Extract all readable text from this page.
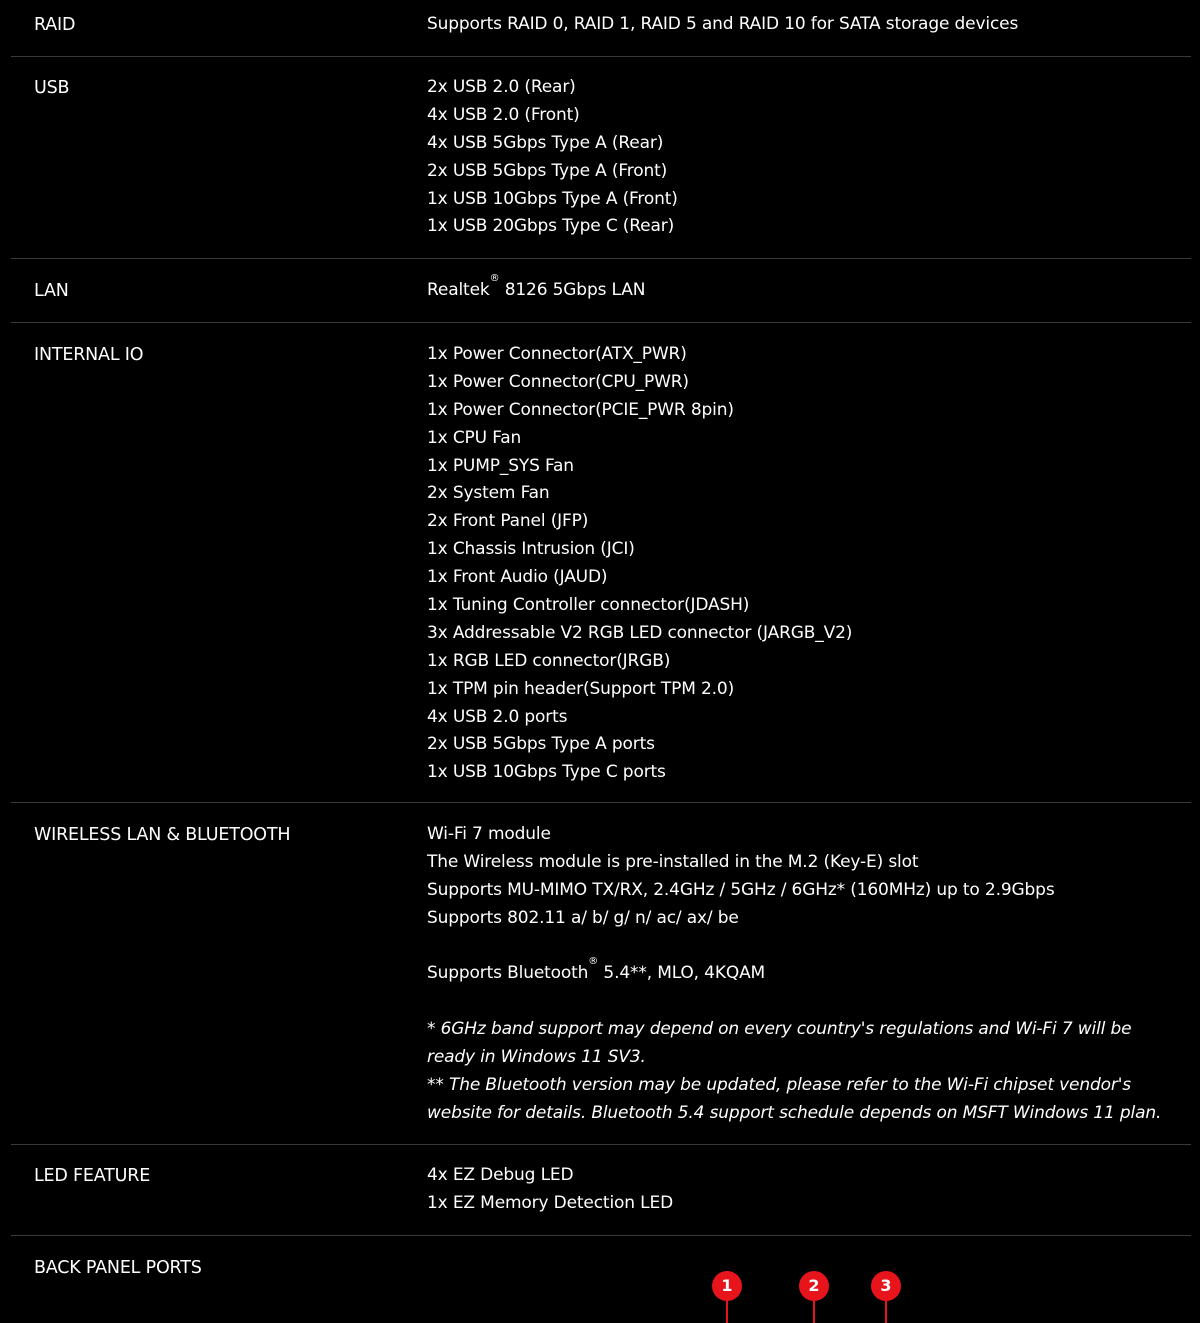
RAID	Supports RAID 0, RAID 1, RAID 5 and RAID 10 for SATA storage devices
USB	2x USB 2.0 (Rear)
4x USB 2.0 (Front)
4x USB 5Gbps Type A (Rear)
2x USB 5Gbps Type A (Front)
1x USB 10Gbps Type A (Front)
1x USB 20Gbps Type C (Rear)
LAN	Realtek® 8126 5Gbps LAN
INTERNAL IO	1x Power Connector(ATX_PWR)
1x Power Connector(CPU_PWR)
1x Power Connector(PCIE_PWR 8pin)
1x CPU Fan
1x PUMP_SYS Fan
2x System Fan
2x Front Panel (JFP)
1x Chassis Intrusion (JCI)
1x Front Audio (JAUD)
1x Tuning Controller connector(JDASH)
3x Addressable V2 RGB LED connector (JARGB_V2)
1x RGB LED connector(JRGB)
1x TPM pin header(Support TPM 2.0)
4x USB 2.0 ports
2x USB 5Gbps Type A ports
1x USB 10Gbps Type C ports
WIRELESS LAN & BLUETOOTH	Wi-Fi 7 module
The Wireless module is pre-installed in the M.2 (Key-E) slot
Supports MU-MIMO TX/RX, 2.4GHz / 5GHz / 6GHz* (160MHz) up to 2.9Gbps
Supports 802.11 a/ b/ g/ n/ ac/ ax/ be
Supports Bluetooth® 5.4**, MLO, 4KQAM
* 6GHz band support may depend on every country's regulations and Wi-Fi 7 will be
ready in Windows 11 SV3.
** The Bluetooth version may be updated, please refer to the Wi-Fi chipset vendor's
website for details. Bluetooth 5.4 support schedule depends on MSFT Windows 11 plan.
LED FEATURE	4x EZ Debug LED
1x EZ Memory Detection LED
BACK PANEL PORTS
1	2	3
